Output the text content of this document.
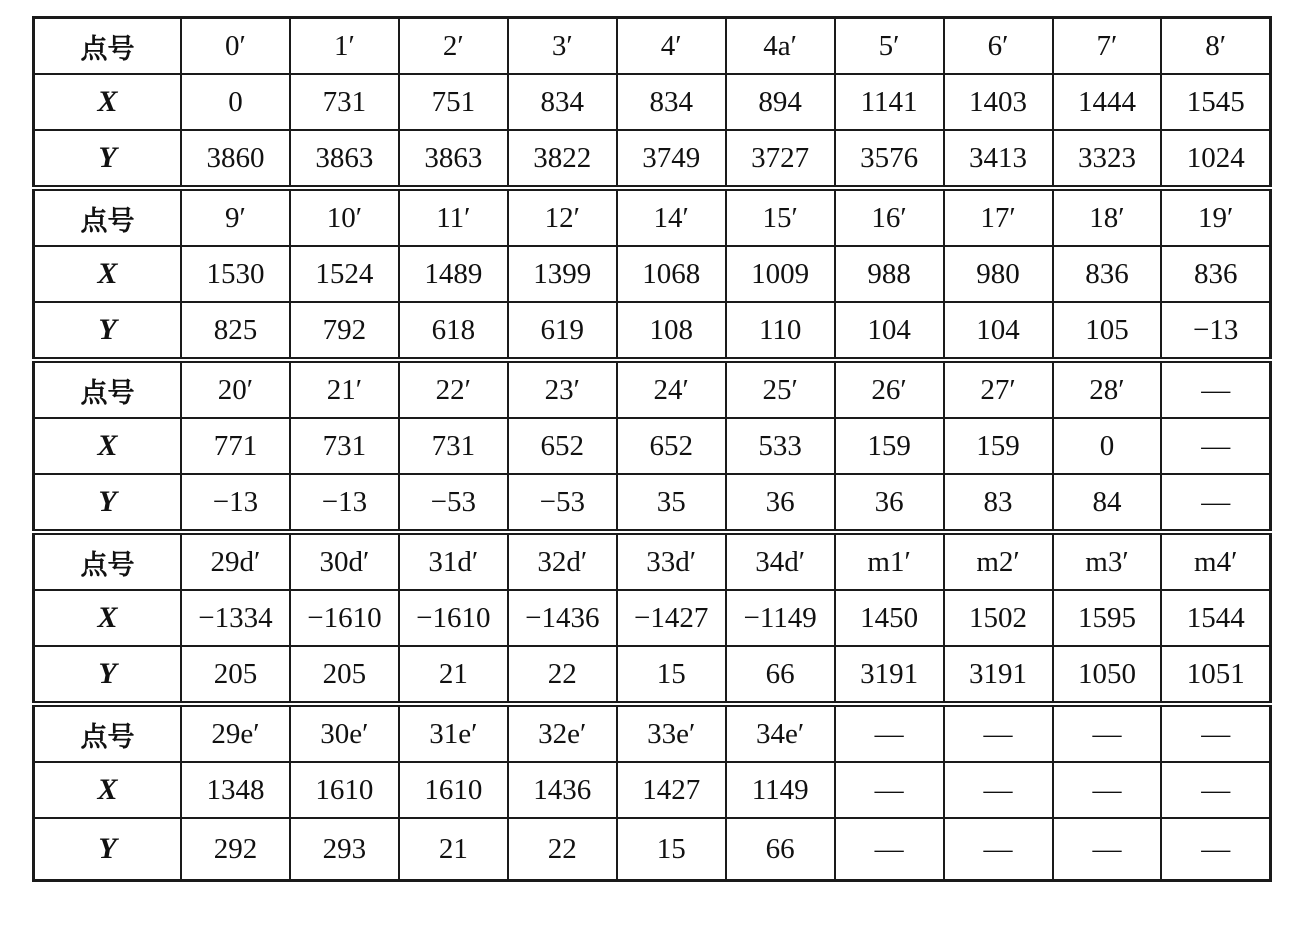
点号	0′	1′	2′	3′	4′	4a′	5′	6′	7′	8′
X	0	731	751	834	834	894	1141	1403	1444	1545
Y	3860	3863	3863	3822	3749	3727	3576	3413	3323	1024
点号	9′	10′	11′	12′	14′	15′	16′	17′	18′	19′
X	1530	1524	1489	1399	1068	1009	988	980	836	836
Y	825	792	618	619	108	110	104	104	105	−13
点号	20′	21′	22′	23′	24′	25′	26′	27′	28′	—
X	771	731	731	652	652	533	159	159	0	—
Y	−13	−13	−53	−53	35	36	36	83	84	—
点号	29d′	30d′	31d′	32d′	33d′	34d′	m1′	m2′	m3′	m4′
X	−1334	−1610	−1610	−1436	−1427	−1149	1450	1502	1595	1544
Y	205	205	21	22	15	66	3191	3191	1050	1051
点号	29e′	30e′	31e′	32e′	33e′	34e′	—	—	—	—
X	1348	1610	1610	1436	1427	1149	—	—	—	—
Y	292	293	21	22	15	66	—	—	—	—
